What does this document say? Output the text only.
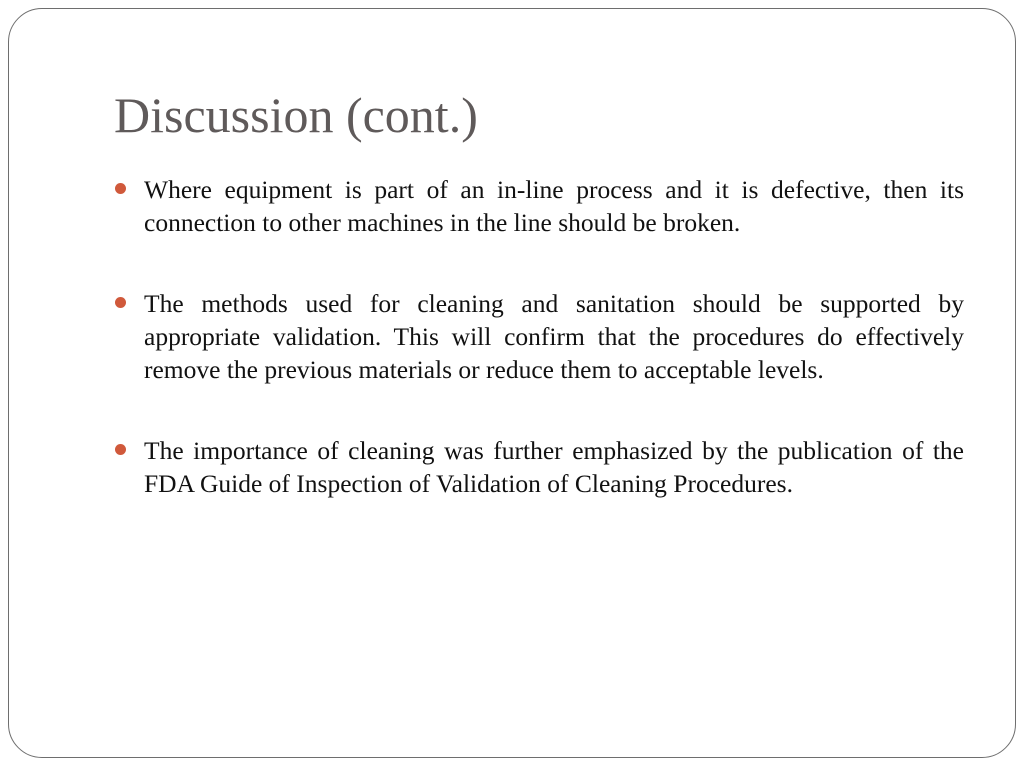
Discussion (cont.)
Where equipment is part of an in-line process and it is defective, then its connection to other machines in the line should be broken.
The methods used for cleaning and sanitation should be supported by appropriate validation. This will confirm that the procedures do effectively remove the previous materials or reduce them to acceptable levels.
The importance of cleaning was further emphasized by the publication of the FDA Guide of Inspection of Validation of Cleaning Procedures.
